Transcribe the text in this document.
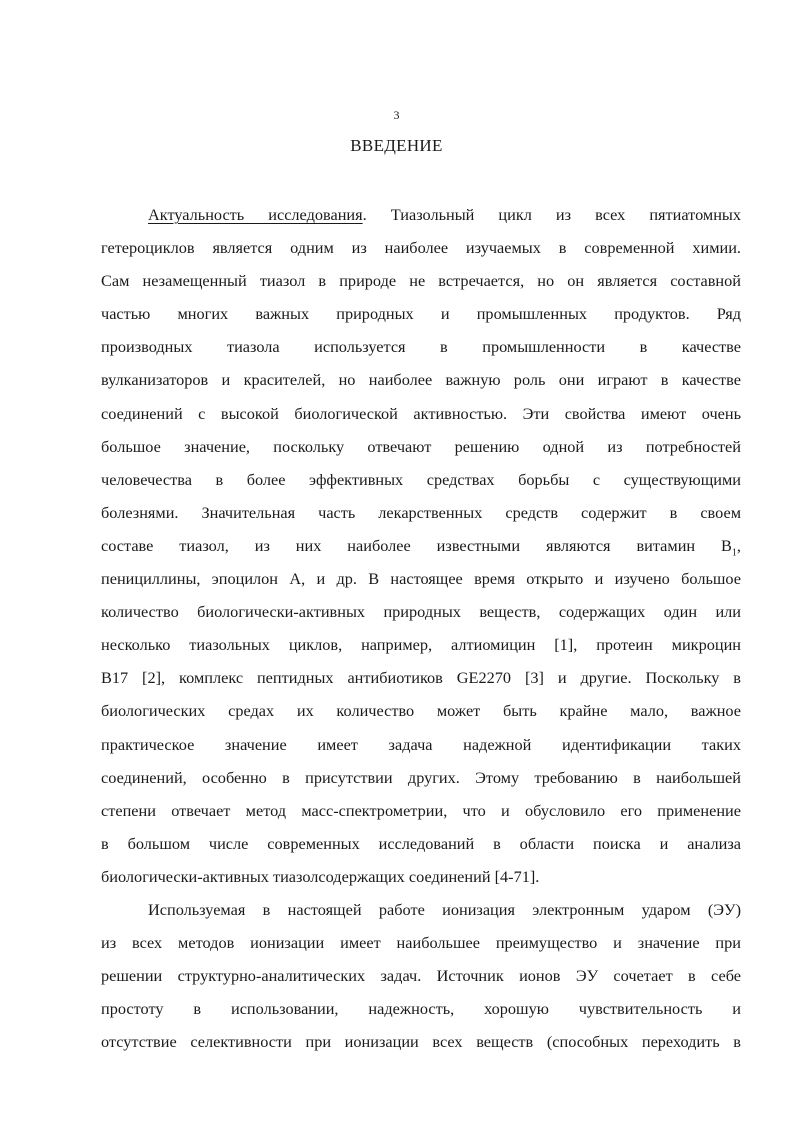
3
ВВЕДЕНИЕ
Актуальность исследования. Тиазольный цикл из всех пятиатомных
гетероциклов является одним из наиболее изучаемых в современной химии.
Сам незамещенный тиазол в природе не встречается, но он является составной
частью многих важных природных и промышленных продуктов. Ряд
производных тиазола используется в промышленности в качестве
вулканизаторов и красителей, но наиболее важную роль они играют в качестве
соединений с высокой биологической активностью. Эти свойства имеют очень
большое значение, поскольку отвечают решению одной из потребностей
человечества в более эффективных средствах борьбы с существующими
болезнями. Значительная часть лекарственных средств содержит в своем
составе тиазол, из них наиболее известными являются витамин $B_1$,
пенициллины, эпоцилон А, и др. В настоящее время открыто и изучено большое
количество биологически-активных природных веществ, содержащих один или
несколько тиазольных циклов, например, алтиомицин [1], протеин микроцин
B17 [2], комплекс пептидных антибиотиков GE2270 [3] и другие. Поскольку в
биологических средах их количество может быть крайне мало, важное
практическое значение имеет задача надежной идентификации таких
соединений, особенно в присутствии других. Этому требованию в наибольшей
степени отвечает метод масс-спектрометрии, что и обусловило его применение
в большом числе современных исследований в области поиска и анализа
биологически-активных тиазолсодержащих соединений [4-71].
Используемая в настоящей работе ионизация электронным ударом (ЭУ)
из всех методов ионизации имеет наибольшее преимущество и значение при
решении структурно-аналитических задач. Источник ионов ЭУ сочетает в себе
простоту в использовании, надежность, хорошую чувствительность и
отсутствие селективности при ионизации всех веществ (способных переходить в
